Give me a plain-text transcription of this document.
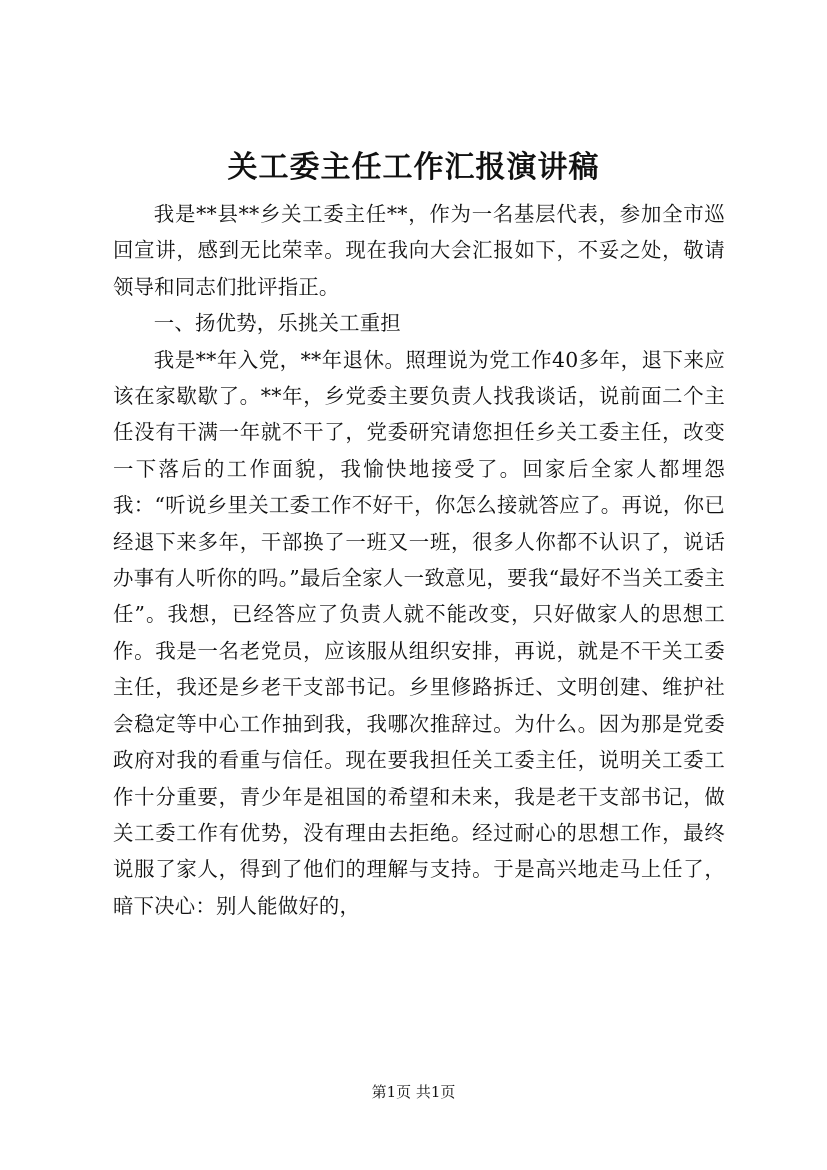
关工委主任工作汇报演讲稿

我是**县**乡关工委主任**，作为一名基层代表，参加全市巡回宣讲，感到无比荣幸。现在我向大会汇报如下，不妥之处，敬请领导和同志们批评指正。

一、扬优势，乐挑关工重担

我是**年入党，**年退休。照理说为党工作40多年，退下来应该在家歇歇了。**年，乡党委主要负责人找我谈话，说前面二个主任没有干满一年就不干了，党委研究请您担任乡关工委主任，改变一下落后的工作面貌，我愉快地接受了。回家后全家人都埋怨我：“听说乡里关工委工作不好干，你怎么接就答应了。再说，你已经退下来多年，干部换了一班又一班，很多人你都不认识了，说话办事有人听你的吗。”最后全家人一致意见，要我“最好不当关工委主任”。我想，已经答应了负责人就不能改变，只好做家人的思想工作。我是一名老党员，应该服从组织安排，再说，就是不干关工委主任，我还是乡老干支部书记。乡里修路拆迁、文明创建、维护社会稳定等中心工作抽到我，我哪次推辞过。为什么。因为那是党委政府对我的看重与信任。现在要我担任关工委主任，说明关工委工作十分重要，青少年是祖国的希望和未来，我是老干支部书记，做关工委工作有优势，没有理由去拒绝。经过耐心的思想工作，最终说服了家人，得到了他们的理解与支持。于是高兴地走马上任了，暗下决心：别人能做好的，

第1页 共1页
